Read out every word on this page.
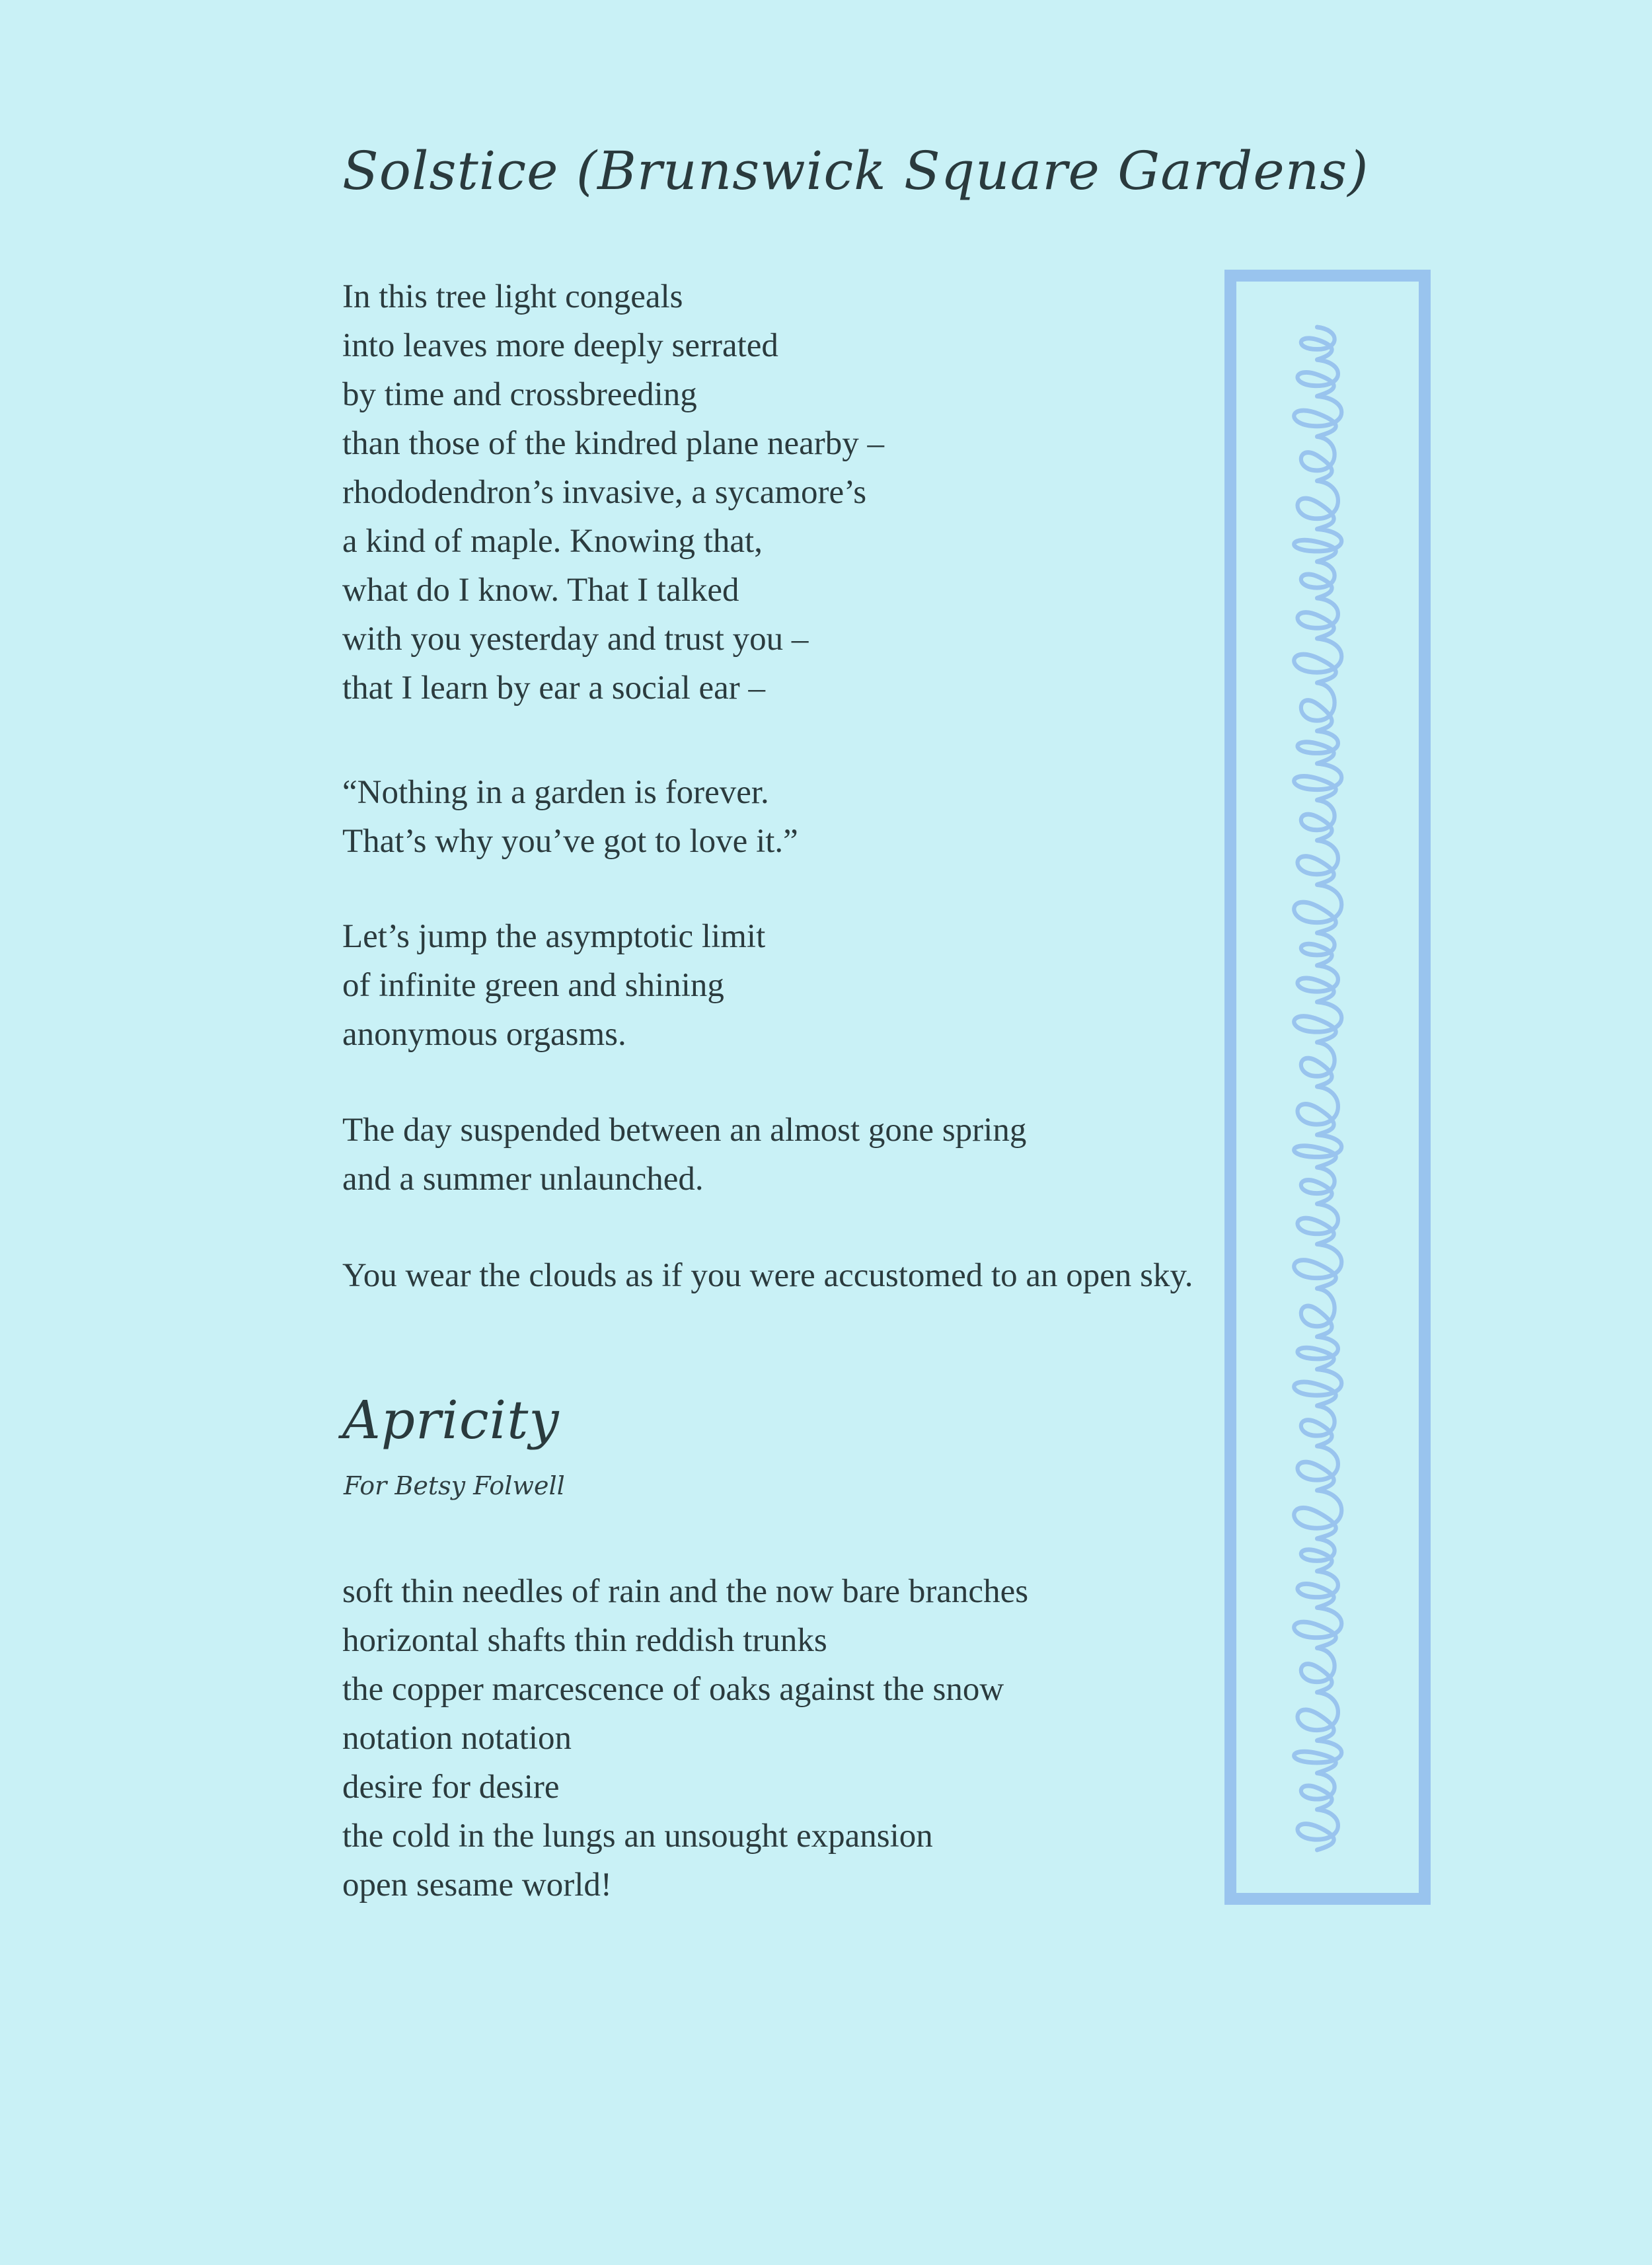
Solstice (Brunswick Square Gardens)
In this tree light congeals
into leaves more deeply serrated
by time and crossbreeding
than those of the kindred plane nearby –
rhododendron’s invasive, a sycamore’s
a kind of maple. Knowing that,
what do I know. That I talked
with you yesterday and trust you –
that I learn by ear a social ear –
“Nothing in a garden is forever.
That’s why you’ve got to love it.”
Let’s jump the asymptotic limit
of infinite green and shining
anonymous orgasms.
The day suspended between an almost gone spring
and a summer unlaunched.
You wear the clouds as if you were accustomed to an open sky.
Apricity
For Betsy Folwell
soft thin needles of rain and the now bare branches
horizontal shafts thin reddish trunks
the copper marcescence of oaks against the snow
notation notation
desire for desire
the cold in the lungs an unsought expansion
open sesame world!
